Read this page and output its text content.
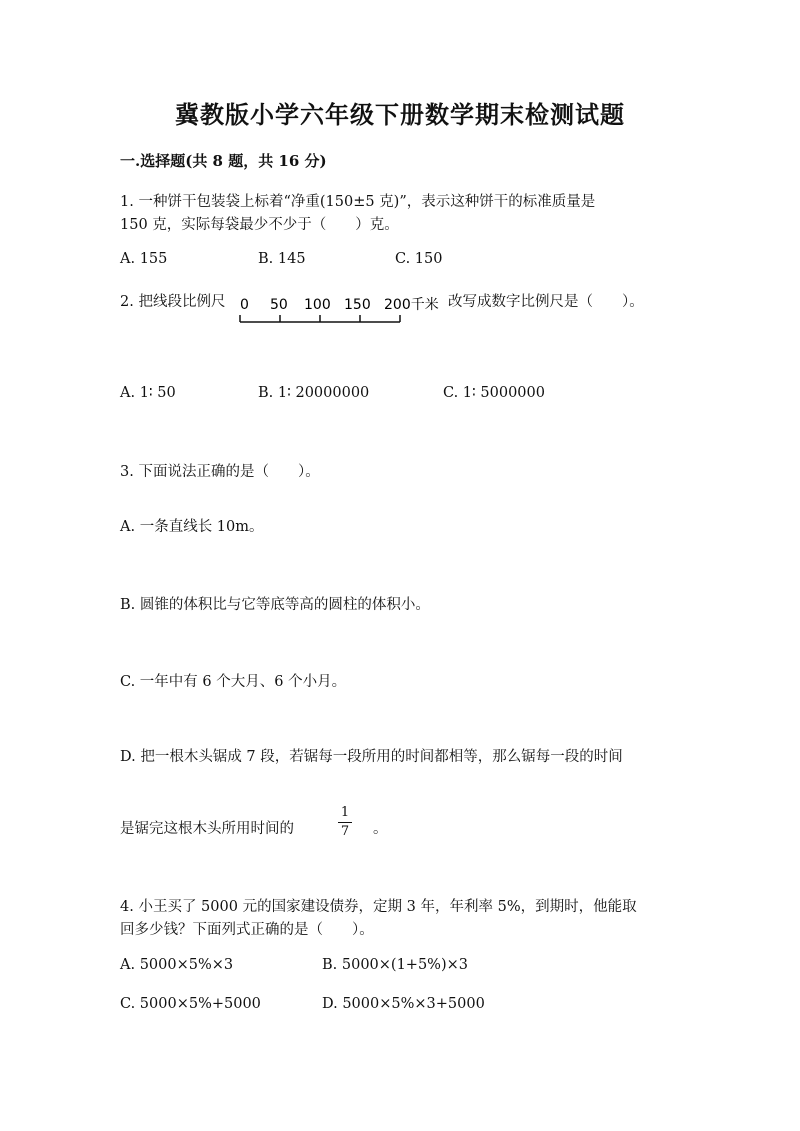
冀教版小学六年级下册数学期末检测试题
一.选择题(共 8 题，共 16 分)
1. 一种饼干包装袋上标着“净重(150±5 克)”，表示这种饼干的标准质量是
150 克，实际每袋最少不少于（　　）克。
A. 155	B. 145	C. 150
2. 把线段比例尺 0 50 100 150 200千米 改写成数字比例尺是（　　）。
A. 1∶ 50	B. 1∶ 20000000	C. 1∶ 5000000
3. 下面说法正确的是（　　）。
A. 一条直线长 10m。
B. 圆锥的体积比与它等底等高的圆柱的体积小。
C. 一年中有 6 个大月、6 个小月。
D. 把一根木头锯成 7 段，若锯每一段所用的时间都相等，那么锯每一段的时间
是锯完这根木头所用时间的
1
7 。
4. 小王买了 5000 元的国家建设债券，定期 3 年，年利率 5%，到期时，他能取
回多少钱？下面列式正确的是（　　）。
A. 5000×5%×3	B. 5000×(1+5%)×3
C. 5000×5%+5000	D. 5000×5%×3+5000
